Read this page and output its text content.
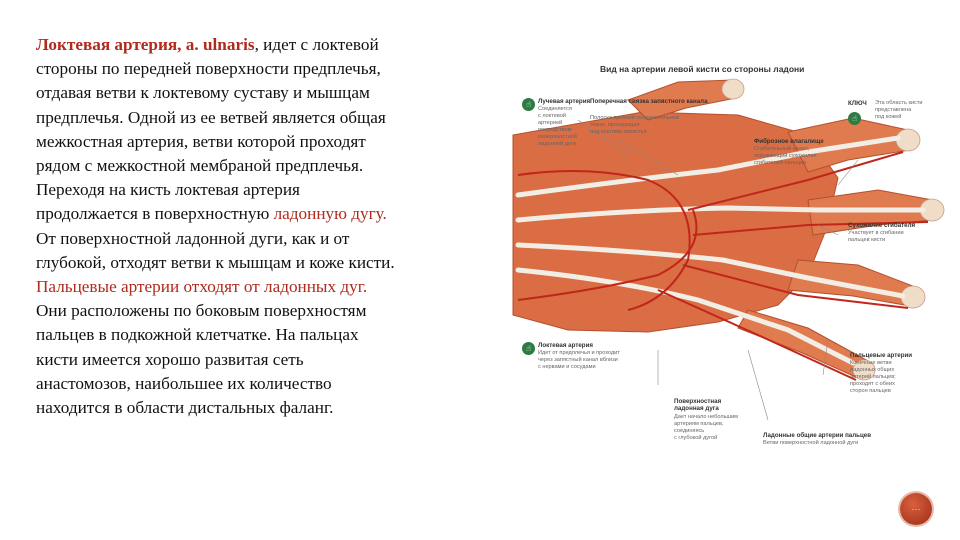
Локтевая артерия, a. ulnaris, идет с локтевой
стороны по передней поверхности предплечья,
отдавая ветви к локтевому суставу и мышцам
предплечья. Одной из ее ветвей является общая
межкостная артерия, ветви которой проходят
рядом с межкостной мембраной предплечья.
Переходя на кисть локтевая артерия
продолжается в поверхностную ладонную дугу.
От поверхностной ладонной дуги, как и от
глубокой, отходят ветви к мышцам и коже кисти.
Пальцевые артерии отходят от ладонных дуг.
Они расположены по боковым поверхностям
пальцев в подкожной клетчатке. На пальцах
кисти имеется хорошо развитая сеть
анастомозов, наибольшее их количество
находится в области дистальных фаланг.
Вид на артерии левой кисти со стороны ладони
☝	Лучевая артерия
Соединяется
с локтевой
артерией
посредством
поверхностной
ладонной дуги
Поперечная связка запястного канала
Полоска прочной соединительной
ткани, проходящая
над костями запястья
Фиброзное влагалище
Сгибательный канал,
окружающий сухожилия
сгибателей пальцев
КЛЮЧ
☝
Эта область кисти
представлена
под кожей
Сухожилие сгибателя
Участвует в сгибании
пальцев кисти
☝	Локтевая артерия
Идет от предплечья и проходит
через запястный канал вблизи
с нервами и сосудами
Поверхностная ладонная дуга
Дает начало небольшим
артериям пальцев,
соединяясь
с глубокой дугой
Пальцевые артерии
Конечные ветви
ладонных общих
артерий пальцев;
проходят с обеих
сторон пальцев
Ладонные общие артерии пальцев
Ветви поверхностной ладонной дуги
···
